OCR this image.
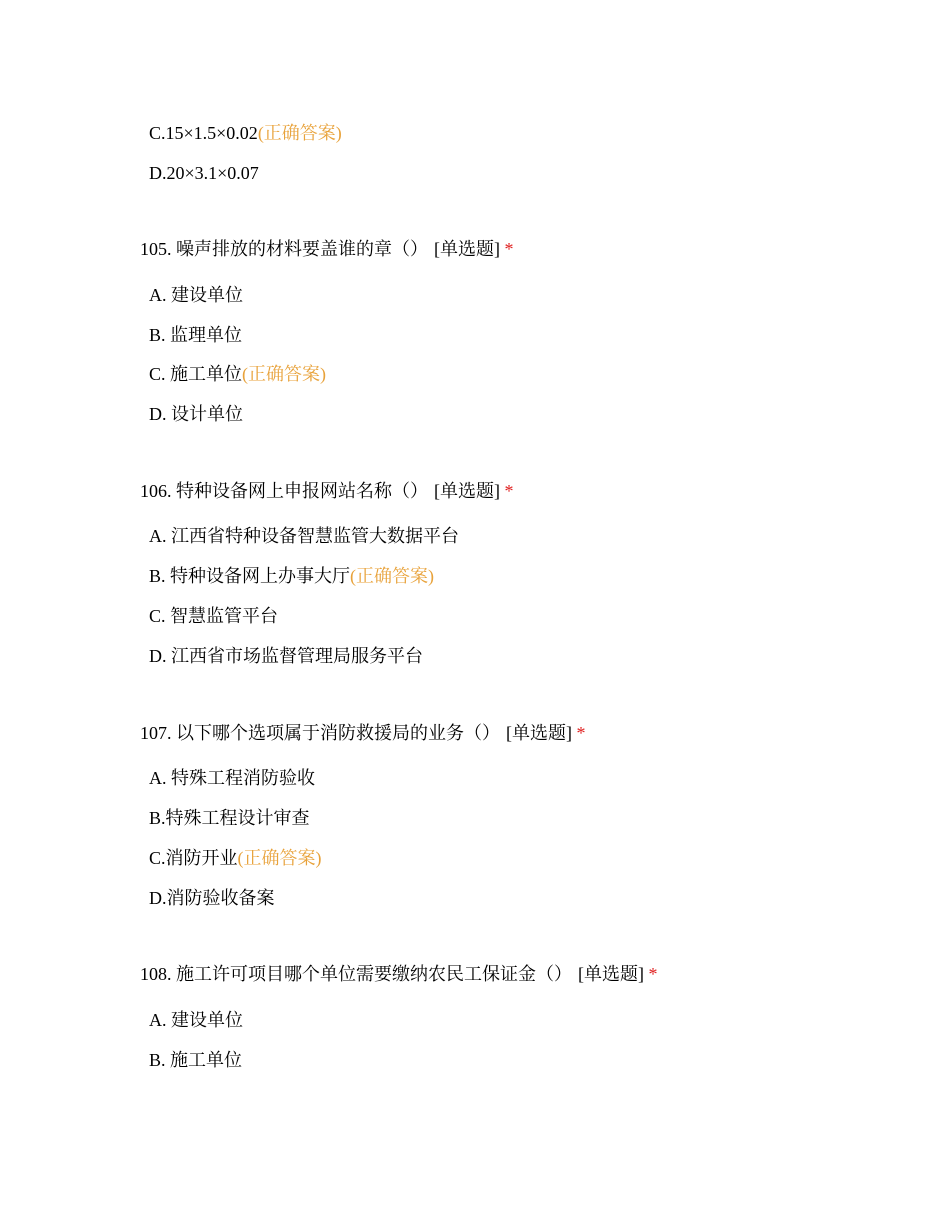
C.15×1.5×0.02(正确答案)
D.20×3.1×0.07
105. 噪声排放的材料要盖谁的章（） [单选题] *
A. 建设单位
B. 监理单位
C. 施工单位(正确答案)
D. 设计单位
106. 特种设备网上申报网站名称（） [单选题] *
A. 江西省特种设备智慧监管大数据平台
B. 特种设备网上办事大厅(正确答案)
C. 智慧监管平台
D. 江西省市场监督管理局服务平台
107. 以下哪个选项属于消防救援局的业务（） [单选题] *
A. 特殊工程消防验收
B.特殊工程设计审查
C.消防开业(正确答案)
D.消防验收备案
108. 施工许可项目哪个单位需要缴纳农民工保证金（） [单选题] *
A. 建设单位
B. 施工单位
